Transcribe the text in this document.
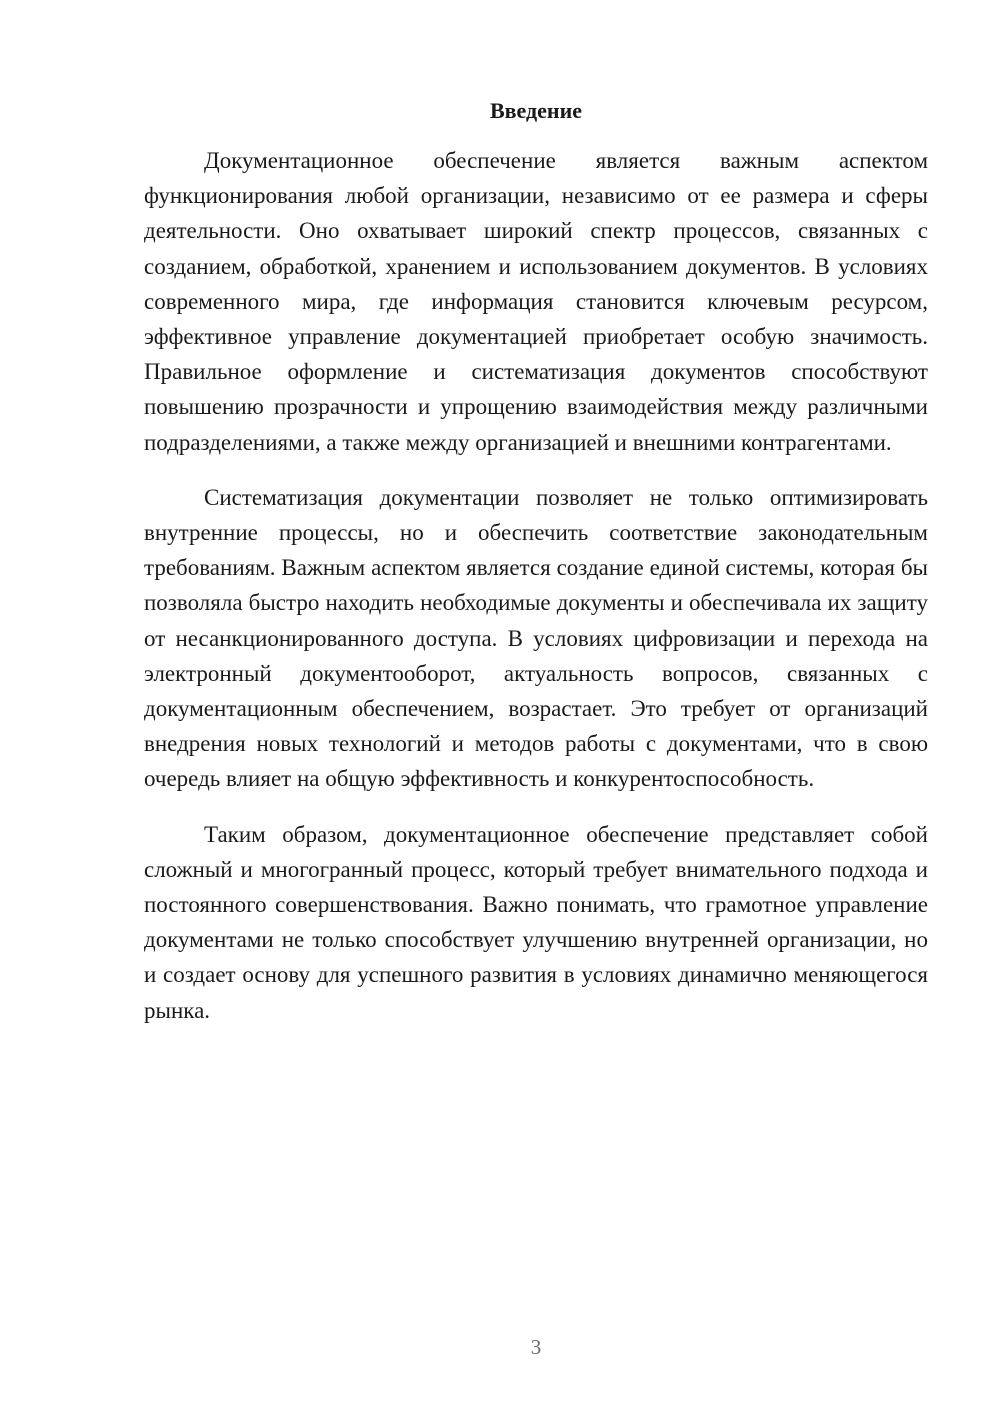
Введение

Документационное обеспечение является важным аспектом функционирования любой организации, независимо от ее размера и сферы деятельности. Оно охватывает широкий спектр процессов, связанных с созданием, обработкой, хранением и использованием документов. В условиях современного мира, где информация становится ключевым ресурсом, эффективное управление документацией приобретает особую значимость. Правильное оформление и систематизация документов способствуют повышению прозрачности и упрощению взаимодействия между различными подразделениями, а также между организацией и внешними контрагентами.

Систематизация документации позволяет не только оптимизировать внутренние процессы, но и обеспечить соответствие законодательным требованиям. Важным аспектом является создание единой системы, которая бы позволяла быстро находить необходимые документы и обеспечивала их защиту от несанкционированного доступа. В условиях цифровизации и перехода на электронный документооборот, актуальность вопросов, связанных с документационным обеспечением, возрастает. Это требует от организаций внедрения новых технологий и методов работы с документами, что в свою очередь влияет на общую эффективность и конкурентоспособность.

Таким образом, документационное обеспечение представляет собой сложный и многогранный процесс, который требует внимательного подхода и постоянного совершенствования. Важно понимать, что грамотное управление документами не только способствует улучшению внутренней организации, но и создает основу для успешного развития в условиях динамично меняющегося рынка.

3
